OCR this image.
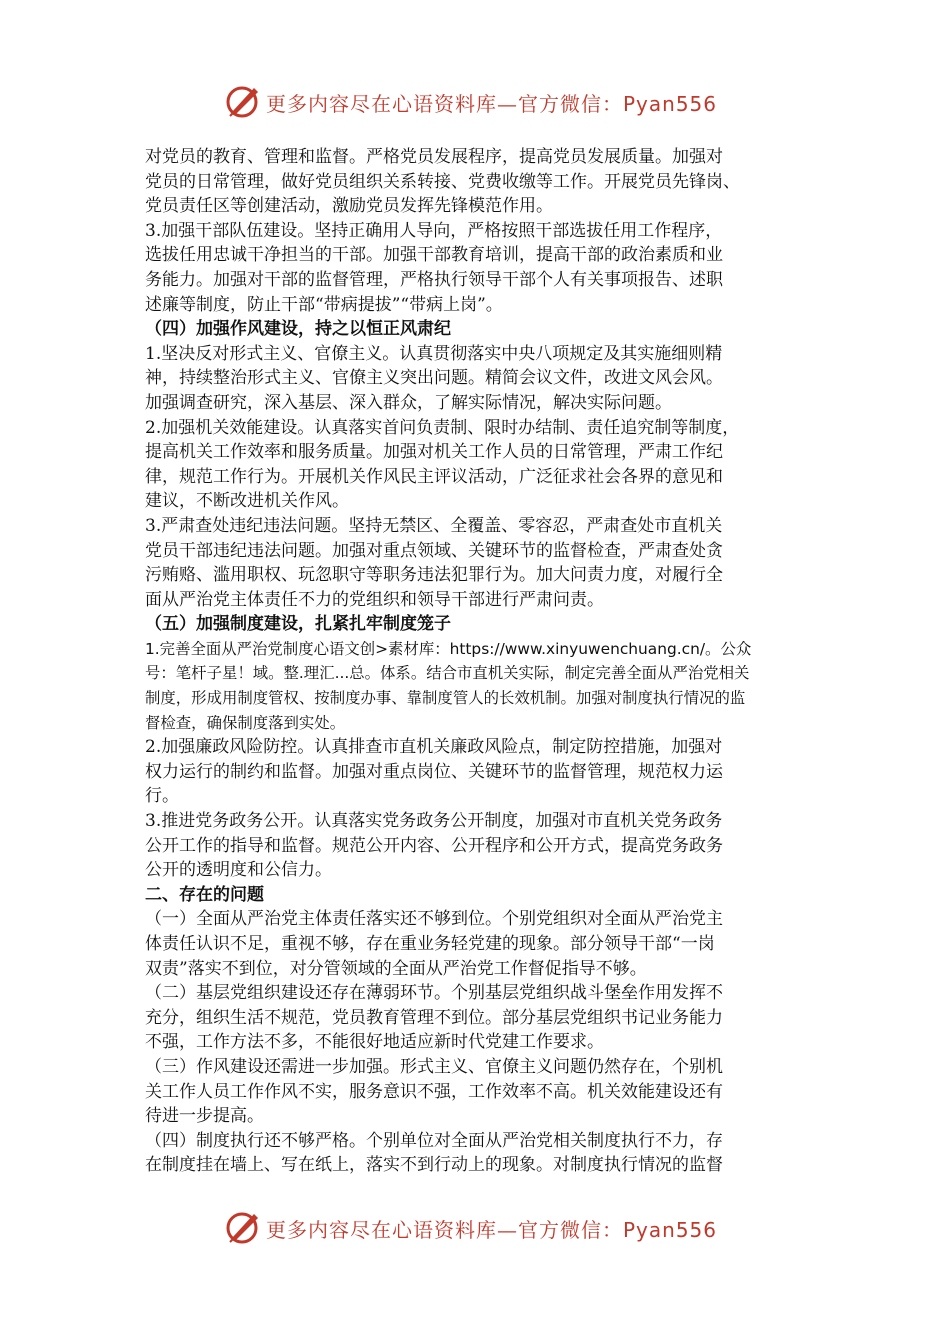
更多内容尽在心语资料库—官方微信：Pyan556
对党员的教育、管理和监督。严格党员发展程序，提高党员发展质量。加强对
党员的日常管理，做好党员组织关系转接、党费收缴等工作。开展党员先锋岗、
党员责任区等创建活动，激励党员发挥先锋模范作用。
3.加强干部队伍建设。坚持正确用人导向，严格按照干部选拔任用工作程序，
选拔任用忠诚干净担当的干部。加强干部教育培训，提高干部的政治素质和业
务能力。加强对干部的监督管理，严格执行领导干部个人有关事项报告、述职
述廉等制度，防止干部“带病提拔”“带病上岗”。
（四）加强作风建设，持之以恒正风肃纪
1.坚决反对形式主义、官僚主义。认真贯彻落实中央八项规定及其实施细则精
神，持续整治形式主义、官僚主义突出问题。精简会议文件，改进文风会风。
加强调查研究，深入基层、深入群众，了解实际情况，解决实际问题。
2.加强机关效能建设。认真落实首问负责制、限时办结制、责任追究制等制度，
提高机关工作效率和服务质量。加强对机关工作人员的日常管理，严肃工作纪
律，规范工作行为。开展机关作风民主评议活动，广泛征求社会各界的意见和
建议，不断改进机关作风。
3.严肃查处违纪违法问题。坚持无禁区、全覆盖、零容忍，严肃查处市直机关
党员干部违纪违法问题。加强对重点领域、关键环节的监督检查，严肃查处贪
污贿赂、滥用职权、玩忽职守等职务违法犯罪行为。加大问责力度，对履行全
面从严治党主体责任不力的党组织和领导干部进行严肃问责。
（五）加强制度建设，扎紧扎牢制度笼子
1.完善全面从严治党制度心语文创>素材库：https://www.xinyuwenchuang.cn/。公众
号：笔杆子星！域。整.理汇...总。体系。结合市直机关实际，制定完善全面从严治党相关
制度，形成用制度管权、按制度办事、靠制度管人的长效机制。加强对制度执行情况的监
督检查，确保制度落到实处。
2.加强廉政风险防控。认真排查市直机关廉政风险点，制定防控措施，加强对
权力运行的制约和监督。加强对重点岗位、关键环节的监督管理，规范权力运
行。
3.推进党务政务公开。认真落实党务政务公开制度，加强对市直机关党务政务
公开工作的指导和监督。规范公开内容、公开程序和公开方式，提高党务政务
公开的透明度和公信力。
二、存在的问题
（一）全面从严治党主体责任落实还不够到位。个别党组织对全面从严治党主
体责任认识不足，重视不够，存在重业务轻党建的现象。部分领导干部“一岗
双责”落实不到位，对分管领域的全面从严治党工作督促指导不够。
（二）基层党组织建设还存在薄弱环节。个别基层党组织战斗堡垒作用发挥不
充分，组织生活不规范，党员教育管理不到位。部分基层党组织书记业务能力
不强，工作方法不多，不能很好地适应新时代党建工作要求。
（三）作风建设还需进一步加强。形式主义、官僚主义问题仍然存在，个别机
关工作人员工作作风不实，服务意识不强，工作效率不高。机关效能建设还有
待进一步提高。
（四）制度执行还不够严格。个别单位对全面从严治党相关制度执行不力，存
在制度挂在墙上、写在纸上，落实不到行动上的现象。对制度执行情况的监督
更多内容尽在心语资料库—官方微信：Pyan556
